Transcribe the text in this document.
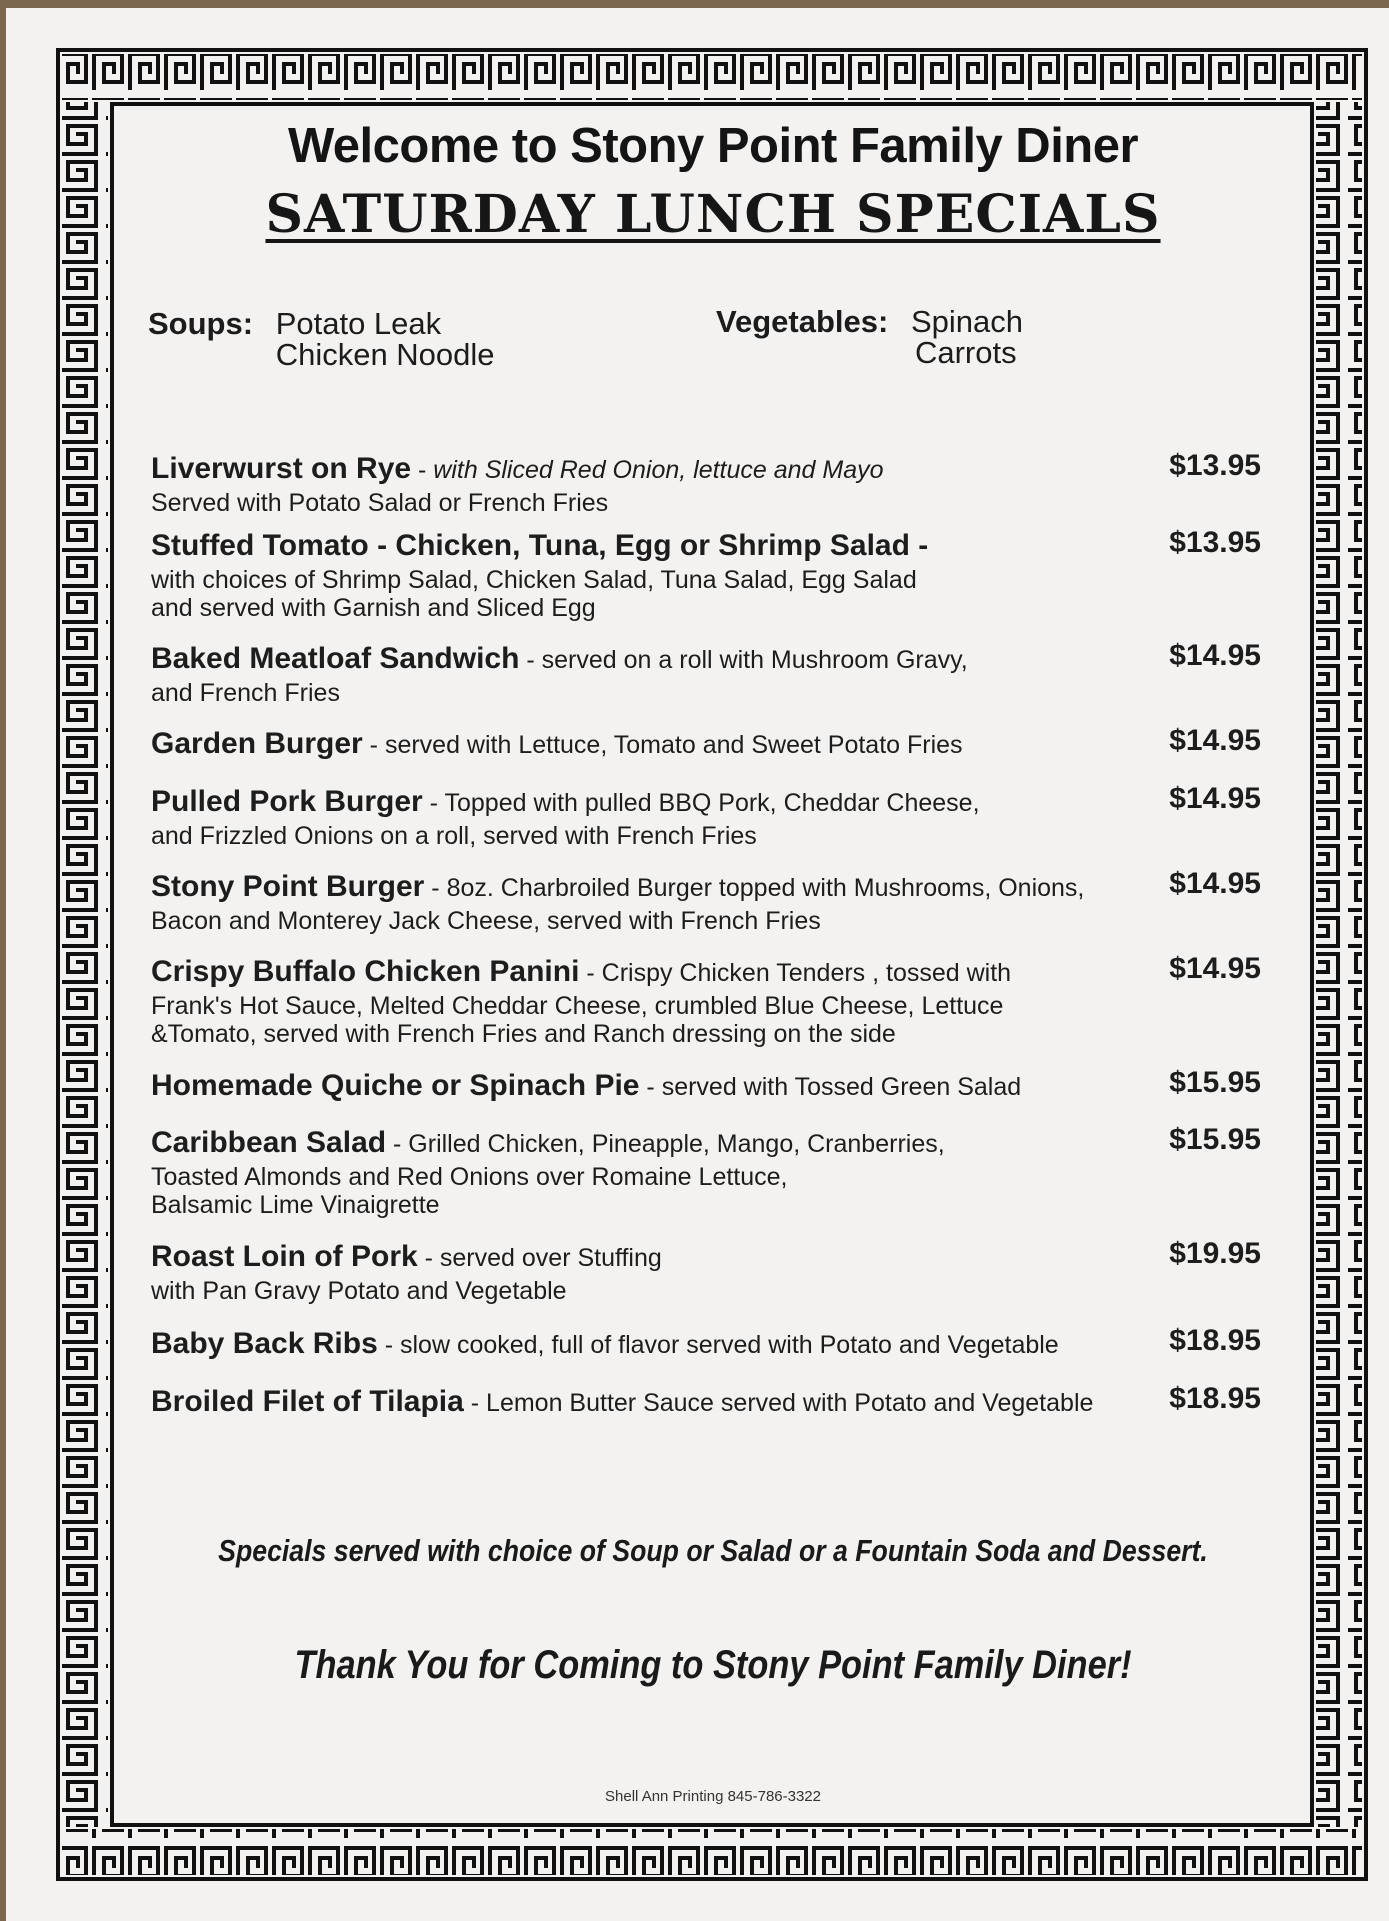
Welcome to Stony Point Family Diner
SATURDAY LUNCH SPECIALS
Soups: Potato Leak
Chicken Noodle
Vegetables: Spinach
Carrots
Liverwurst on Rye - with Sliced Red Onion, lettuce and Mayo
Served with Potato Salad or French Fries
$13.95
Stuffed Tomato - Chicken, Tuna, Egg or Shrimp Salad -
with choices of Shrimp Salad, Chicken Salad, Tuna Salad, Egg Salad
and served with Garnish and Sliced Egg
$13.95
Baked Meatloaf Sandwich - served on a roll with Mushroom Gravy,
and French Fries
$14.95
Garden Burger - served with Lettuce, Tomato and Sweet Potato Fries	$14.95
Pulled Pork Burger - Topped with pulled BBQ Pork, Cheddar Cheese,
and Frizzled Onions on a roll, served with French Fries
$14.95
Stony Point Burger - 8oz. Charbroiled Burger topped with Mushrooms, Onions,
Bacon and Monterey Jack Cheese, served with French Fries
$14.95
Crispy Buffalo Chicken Panini - Crispy Chicken Tenders , tossed with
Frank's Hot Sauce, Melted Cheddar Cheese, crumbled Blue Cheese, Lettuce
&Tomato, served with French Fries and Ranch dressing on the side
$14.95
Homemade Quiche or Spinach Pie - served with Tossed Green Salad	$15.95
Caribbean Salad - Grilled Chicken, Pineapple, Mango, Cranberries,
Toasted Almonds and Red Onions over Romaine Lettuce,
Balsamic Lime Vinaigrette
$15.95
Roast Loin of Pork - served over Stuffing
with Pan Gravy Potato and Vegetable
$19.95
Baby Back Ribs - slow cooked, full of flavor served with Potato and Vegetable	$18.95
Broiled Filet of Tilapia - Lemon Butter Sauce served with Potato and Vegetable	$18.95
Specials served with choice of Soup or Salad or a Fountain Soda and Dessert.
Thank You for Coming to Stony Point Family Diner!
Shell Ann Printing 845-786-3322
